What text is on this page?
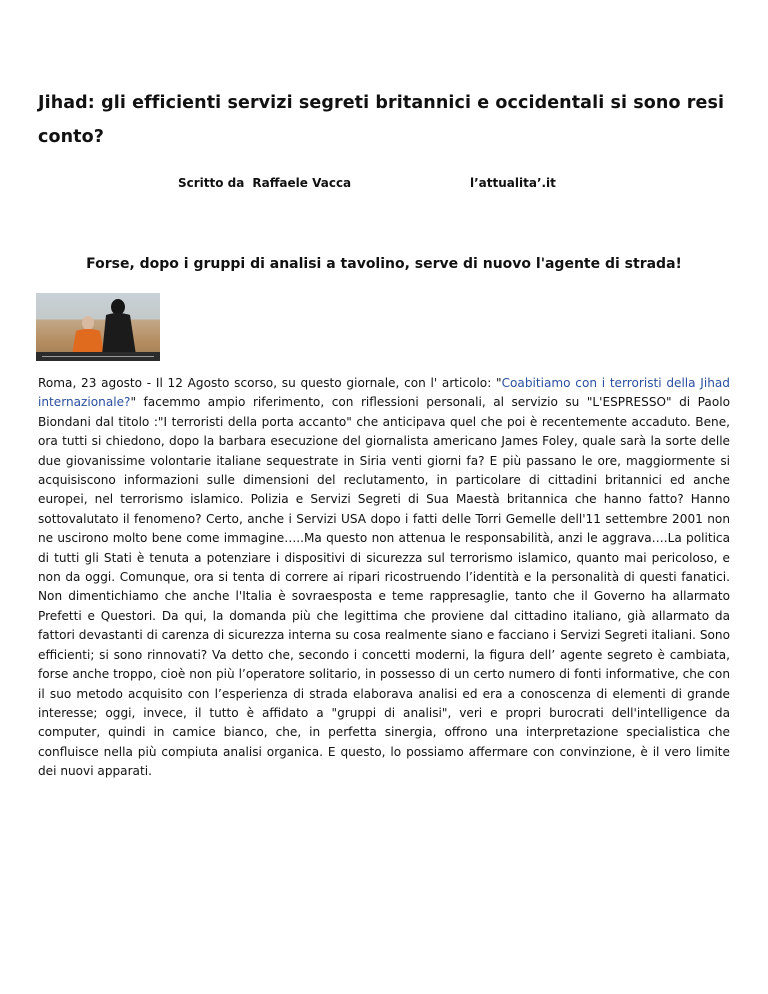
Jihad: gli efficienti servizi segreti britannici e occidentali si sono resi conto?
Scritto da Raffaele Vacca	l’attualita’.it
Forse, dopo i gruppi di analisi a tavolino, serve di nuovo l'agente di strada!

Roma, 23 agosto - Il 12 Agosto scorso, su questo giornale, con l' articolo: "Coabitiamo con i terroristi della Jihad internazionale?" facemmo ampio riferimento, con riflessioni personali, al servizio su "L'ESPRESSO" di Paolo Biondani dal titolo :"I terroristi della porta accanto" che anticipava quel che poi è recentemente accaduto. Bene, ora tutti si chiedono, dopo la barbara esecuzione del giornalista americano James Foley, quale sarà la sorte delle due giovanissime volontarie italiane sequestrate in Siria venti giorni fa? E più passano le ore, maggiormente si acquisiscono informazioni sulle dimensioni del reclutamento, in particolare di cittadini britannici ed anche europei, nel terrorismo islamico. Polizia e Servizi Segreti di Sua Maestà britannica che hanno fatto? Hanno sottovalutato il fenomeno? Certo, anche i Servizi USA dopo i fatti delle Torri Gemelle dell'11 settembre 2001 non ne uscirono molto bene come immagine…..Ma questo non attenua le responsabilità, anzi le aggrava….La politica di tutti gli Stati è tenuta a potenziare i dispositivi di sicurezza sul terrorismo islamico, quanto mai pericoloso, e non da oggi. Comunque, ora si tenta di correre ai ripari ricostruendo l’identità e la personalità di questi fanatici. Non dimentichiamo che anche l'Italia è sovraesposta e teme rappresaglie, tanto che il Governo ha allarmato Prefetti e Questori. Da qui, la domanda più che legittima che proviene dal cittadino italiano, già allarmato da fattori devastanti di carenza di sicurezza interna su cosa realmente siano e facciano i Servizi Segreti italiani. Sono efficienti; si sono rinnovati? Va detto che, secondo i concetti moderni, la figura dell’ agente segreto è cambiata, forse anche troppo, cioè non più l’operatore solitario, in possesso di un certo numero di fonti informative, che con il suo metodo acquisito con l’esperienza di strada elaborava analisi ed era a conoscenza di elementi di grande interesse; oggi, invece, il tutto è affidato a "gruppi di analisi", veri e propri burocrati dell'intelligence da computer, quindi in camice bianco, che, in perfetta sinergia, offrono una interpretazione specialistica che confluisce nella più compiuta analisi organica. E questo, lo possiamo affermare con convinzione, è il vero limite dei nuovi apparati.
